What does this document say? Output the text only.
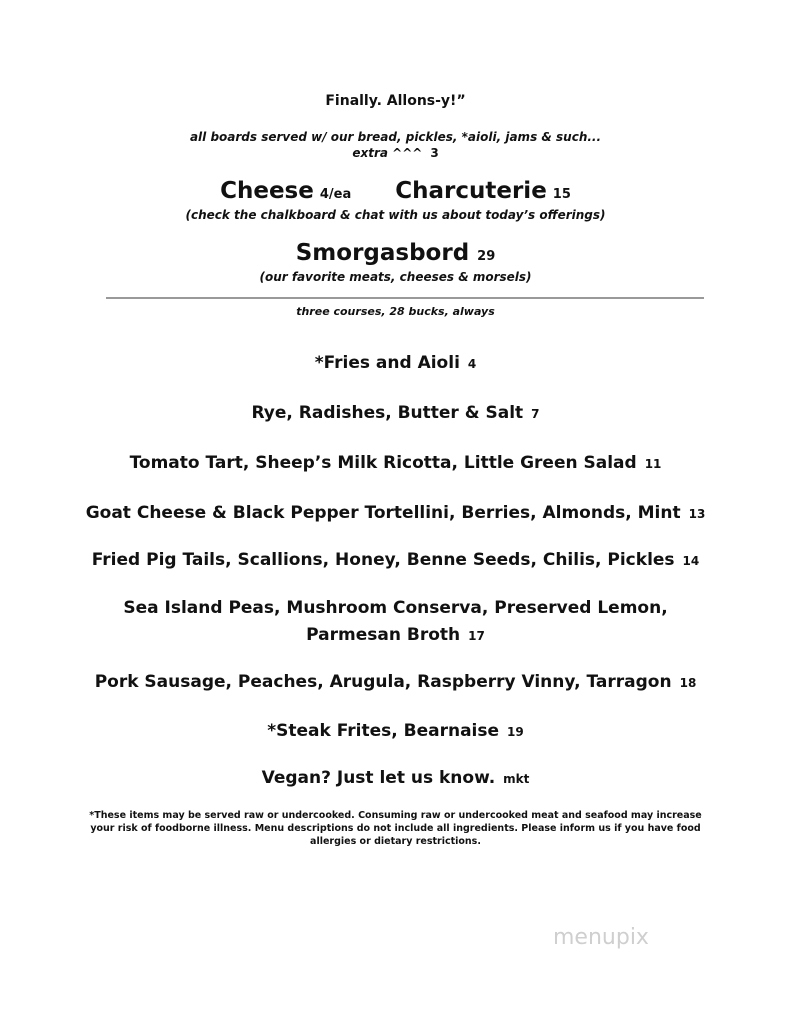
Finally. Allons-y!”

all boards served w/ our bread, pickles, *aioli, jams & such...

extra ^^^ 3

Cheese 4/ea Charcuterie 15

(check the chalkboard & chat with us about today’s offerings)

Smorgasbord 29

(our favorite meats, cheeses & morsels)

three courses, 28 bucks, always

*Fries and Aioli 4

Rye, Radishes, Butter & Salt 7

Tomato Tart, Sheep’s Milk Ricotta, Little Green Salad 11

Goat Cheese & Black Pepper Tortellini, Berries, Almonds, Mint 13

Fried Pig Tails, Scallions, Honey, Benne Seeds, Chilis, Pickles 14

Sea Island Peas, Mushroom Conserva, Preserved Lemon,

Parmesan Broth 17

Pork Sausage, Peaches, Arugula, Raspberry Vinny, Tarragon 18

*Steak Frites, Bearnaise 19

Vegan? Just let us know. mkt

*These items may be served raw or undercooked. Consuming raw or undercooked meat and seafood may increase
your risk of foodborne illness. Menu descriptions do not include all ingredients. Please inform us if you have food
allergies or dietary restrictions.
menupix
